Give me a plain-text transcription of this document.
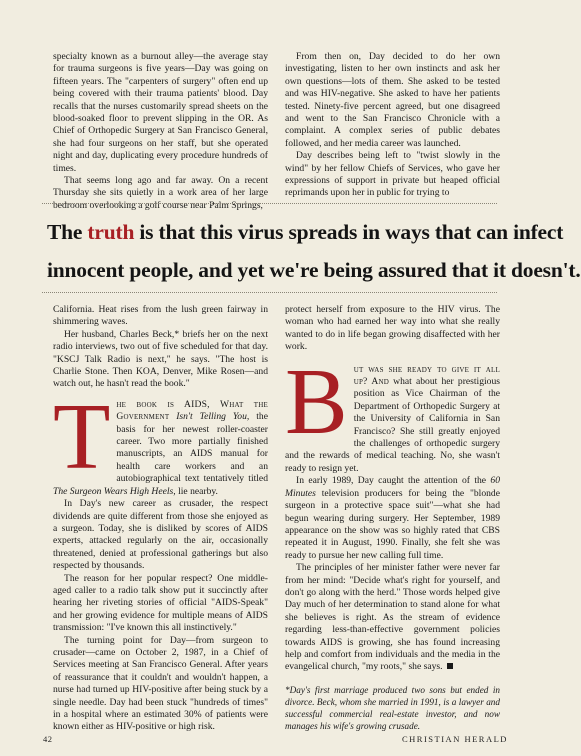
specialty known as a burnout alley—the average stay for trauma surgeons is five years—Day was going on fifteen years. The "carpenters of surgery" often end up being covered with their trauma patients' blood. Day recalls that the nurses customarily spread sheets on the blood-soaked floor to prevent slipping in the OR. As Chief of Orthopedic Surgery at San Francisco General, she had four surgeons on her staff, but she operated night and day, duplicating every procedure hundreds of times.

That seems long ago and far away. On a recent Thursday she sits quietly in a work area of her large bedroom overlooking a golf course near Palm Springs,

From then on, Day decided to do her own investigating, listen to her own instincts and ask her own questions—lots of them. She asked to be tested and was HIV-negative. She asked to have her patients tested. Ninety-five percent agreed, but one disagreed and went to the San Francisco Chronicle with a complaint. A complex series of public debates followed, and her media career was launched.

Day describes being left to "twist slowly in the wind" by her fellow Chiefs of Services, who gave her expressions of support in private but heaped official reprimands upon her in public for trying to

The truth is that this virus spreads in ways that can infect
innocent people, and yet we're being assured that it doesn't.

California. Heat rises from the lush green fairway in shimmering waves.

Her husband, Charles Beck,* briefs her on the next radio interviews, two out of five scheduled for that day. "KSCJ Talk Radio is next," he says. "The host is Charlie Stone. Then KOA, Denver, Mike Rosen—and watch out, he hasn't read the book."

T he book is AIDS, What the Government Isn't Telling You, the basis for her newest roller-coaster career. Two more partially finished manuscripts, an AIDS manual for health care workers and an autobiographical text tentatively titled The Surgeon Wears High Heels, lie nearby.

In Day's new career as crusader, the respect dividends are quite different from those she enjoyed as a surgeon. Today, she is disliked by scores of AIDS experts, attacked regularly on the air, occasionally threatened, denied at professional gatherings but also respected by thousands.

The reason for her popular respect? One middle-aged caller to a radio talk show put it succinctly after hearing her riveting stories of official "AIDS-Speak" and her growing evidence for multiple means of AIDS transmission: "I've known this all instinctively."

The turning point for Day—from surgeon to crusader—came on October 2, 1987, in a Chief of Services meeting at San Francisco General. After years of reassurance that it couldn't and wouldn't happen, a nurse had turned up HIV-positive after being stuck by a single needle. Day had been stuck "hundreds of times" in a hospital where an estimated 30% of patients were known either as HIV-positive or high risk.

protect herself from exposure to the HIV virus. The woman who had earned her way into what she really wanted to do in life began growing disaffected with her work.

B ut was she ready to give it all up? And what about her prestigious position as Vice Chairman of the Department of Orthopedic Surgery at the University of California in San Francisco? She still greatly enjoyed the challenges of orthopedic surgery and the rewards of medical teaching. No, she wasn't ready to resign yet.

In early 1989, Day caught the attention of the 60 Minutes television producers for being the "blonde surgeon in a protective space suit"—what she had begun wearing during surgery. Her September, 1989 appearance on the show was so highly rated that CBS repeated it in August, 1990. Finally, she felt she was ready to pursue her new calling full time.

The principles of her minister father were never far from her mind: "Decide what's right for yourself, and don't go along with the herd." Those words helped give Day much of her determination to stand alone for what she believes is right. As the stream of evidence regarding less-than-effective government policies towards AIDS is growing, she has found increasing help and comfort from individuals and the media in the evangelical church, "my roots," she says.

*Day's first marriage produced two sons but ended in divorce. Beck, whom she married in 1991, is a lawyer and successful commercial real-estate investor, and now manages his wife's growing crusade.

42	CHRISTIAN HERALD
